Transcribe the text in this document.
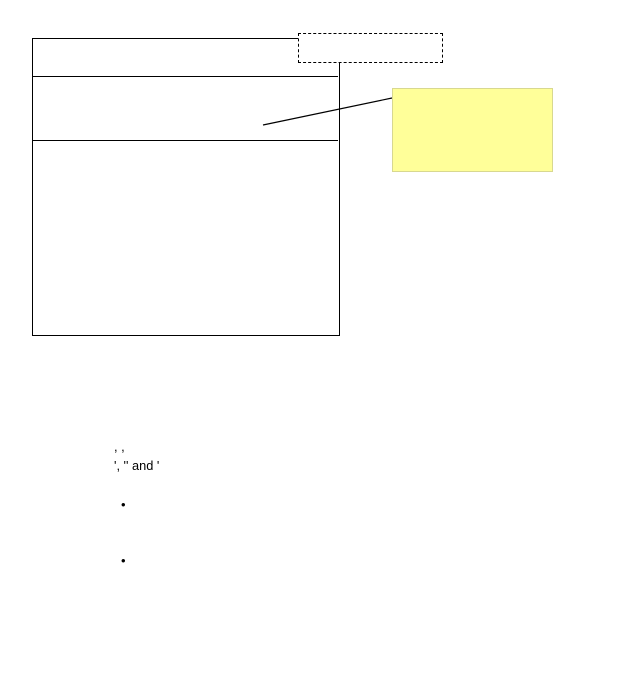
, ,
', '' and '
•
•
